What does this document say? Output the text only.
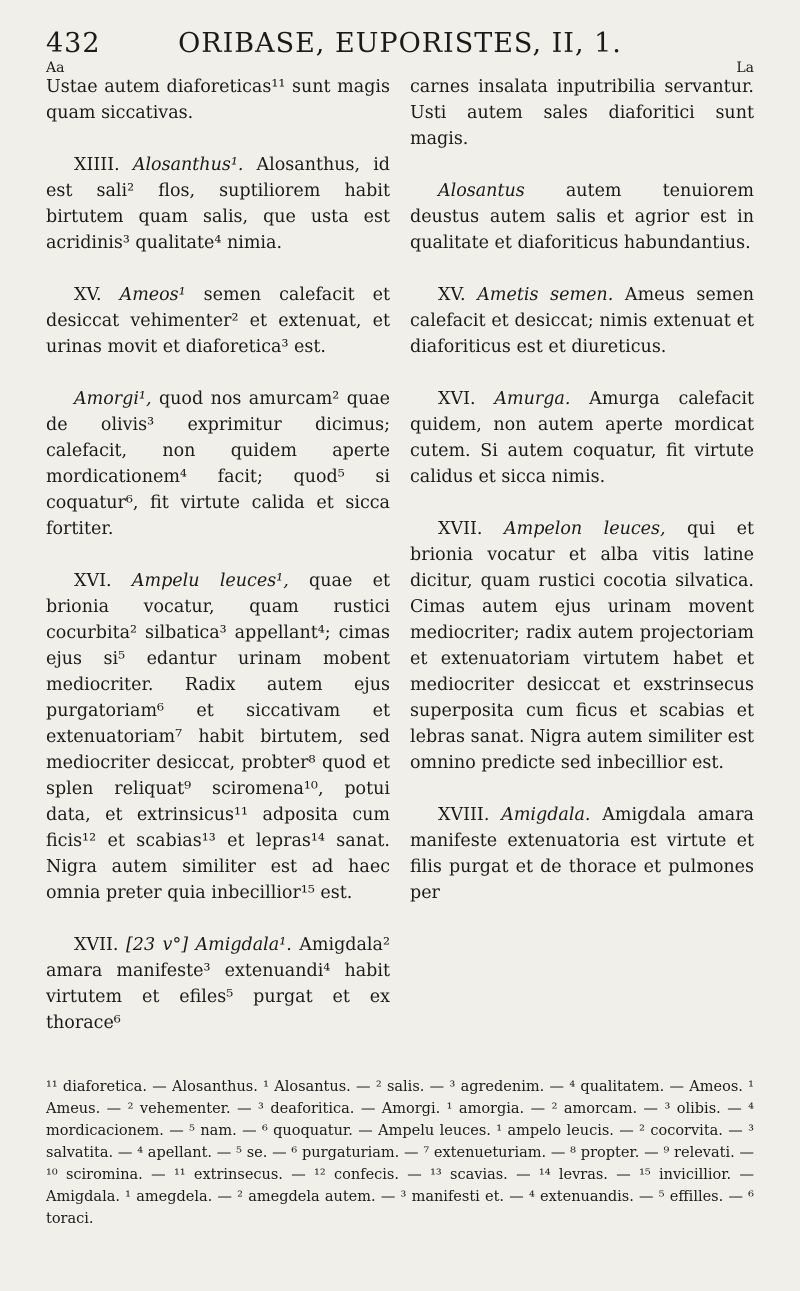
432	ORIBASE, EUPORISTES, II, 1.
Aa	La

Ustae autem diaforeticas¹¹ sunt magis quam siccativas.

XIIII. Alosanthus¹. Alosanthus, id est sali² flos, suptiliorem habit birtutem quam salis, que usta est acridinis³ qualitate⁴ nimia.

XV. Ameos¹ semen calefacit et desiccat vehimenter² et extenuat, et urinas movit et diaforetica³ est.

Amorgi¹, quod nos amurcam² quae de olivis³ exprimitur dicimus; calefacit, non quidem aperte mordicationem⁴ facit; quod⁵ si coquatur⁶, fit virtute calida et sicca fortiter.

XVI. Ampelu leuces¹, quae et brionia vocatur, quam rustici cocurbita² silbatica³ appellant⁴; cimas ejus si⁵ edantur urinam mobent mediocriter. Radix autem ejus purgatoriam⁶ et siccativam et extenuatoriam⁷ habit birtutem, sed mediocriter desiccat, probter⁸ quod et splen reliquat⁹ sciromena¹⁰, potui data, et extrinsicus¹¹ adposita cum ficis¹² et scabias¹³ et lepras¹⁴ sanat. Nigra autem similiter est ad haec omnia preter quia inbecillior¹⁵ est.

XVII. [23 v°] Amigdala¹. Amigdala² amara manifeste³ extenuandi⁴ habit virtutem et efiles⁵ purgat et ex thorace⁶

carnes insalata inputribilia servantur. Usti autem sales diaforitici sunt magis.

Alosantus autem tenuiorem deustus autem salis et agrior est in qualitate et diaforiticus habundantius.

XV. Ametis semen. Ameus semen calefacit et desiccat; nimis extenuat et diaforiticus est et diureticus.

XVI. Amurga. Amurga calefacit quidem, non autem aperte mordicat cutem. Si autem coquatur, fit virtute calidus et sicca nimis.

XVII. Ampelon leuces, qui et brionia vocatur et alba vitis latine dicitur, quam rustici cocotia silvatica. Cimas autem ejus urinam movent mediocriter; radix autem projectoriam et extenuatoriam virtutem habet et mediocriter desiccat et exstrinsecus superposita cum ficus et scabias et lebras sanat. Nigra autem similiter est omnino predicte sed inbecillior est.

XVIII. Amigdala. Amigdala amara manifeste extenuatoria est virtute et filis purgat et de thorace et pulmones per

¹¹ diaforetica. — Alosanthus. ¹ Alosantus. — ² salis. — ³ agredenim. — ⁴ qualitatem. — Ameos. ¹ Ameus. — ² vehementer. — ³ deaforitica. — Amorgi. ¹ amorgia. — ² amorcam. — ³ olibis. — ⁴ mordicacionem. — ⁵ nam. — ⁶ quoquatur. — Ampelu leuces. ¹ ampelo leucis. — ² cocorvita. — ³ salvatita. — ⁴ apellant. — ⁵ se. — ⁶ purgaturiam. — ⁷ extenueturiam. — ⁸ propter. — ⁹ relevati. — ¹⁰ sciromina. — ¹¹ extrinsecus. — ¹² confecis. — ¹³ scavias. — ¹⁴ levras. — ¹⁵ invicillior. — Amigdala. ¹ amegdela. — ² amegdela autem. — ³ manifesti et. — ⁴ extenuandis. — ⁵ effilles. — ⁶ toraci.
